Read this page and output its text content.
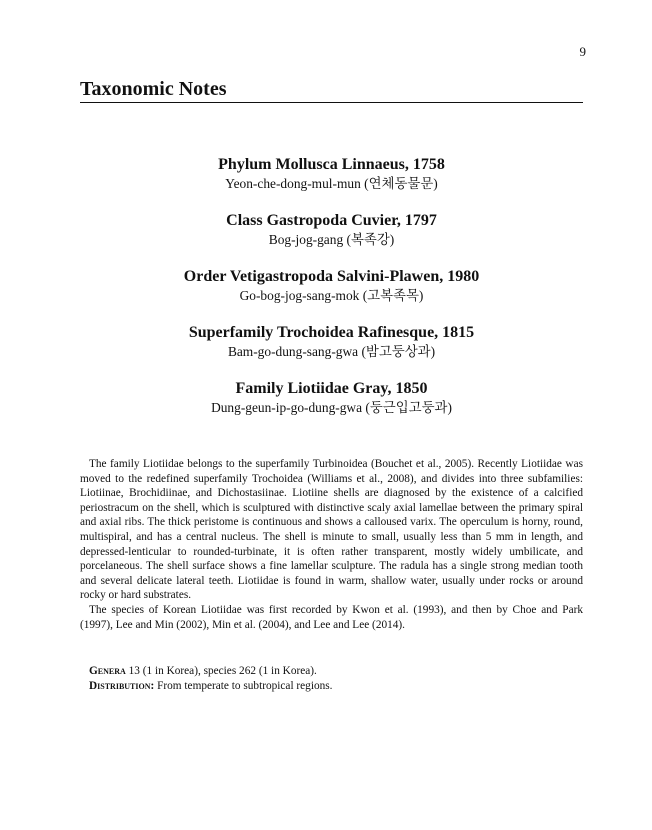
9
Taxonomic Notes
Phylum Mollusca Linnaeus, 1758
Yeon-che-dong-mul-mun (연체동물문)
Class Gastropoda Cuvier, 1797
Bog-jog-gang (복족강)
Order Vetigastropoda Salvini-Plawen, 1980
Go-bog-jog-sang-mok (고복족목)
Superfamily Trochoidea Rafinesque, 1815
Bam-go-dung-sang-gwa (밤고둥상과)
Family Liotiidae Gray, 1850
Dung-geun-ip-go-dung-gwa (둥근입고둥과)

The family Liotiidae belongs to the superfamily Turbinoidea (Bouchet et al., 2005). Recently Liotiidae was moved to the redefined superfamily Trochoidea (Williams et al., 2008), and divides into three subfamilies: Liotiinae, Brochidiinae, and Dichostasiinae. Liotiine shells are diagnosed by the existence of a calcified periostracum on the shell, which is sculptured with distinctive scaly axial lamellae between the primary spiral and axial ribs. The thick peristome is continuous and shows a calloused varix. The operculum is horny, round, multispiral, and has a central nucleus. The shell is minute to small, usually less than 5 mm in length, and depressed-lenticular to rounded-turbinate, it is often rather transparent, mostly widely umbilicate, and porcelaneous. The shell surface shows a fine lamellar sculpture. The radula has a single strong median tooth and several delicate lateral teeth. Liotiidae is found in warm, shallow water, usually under rocks or around rocky or hard substrates.

The species of Korean Liotiidae was first recorded by Kwon et al. (1993), and then by Choe and Park (1997), Lee and Min (2002), Min et al. (2004), and Lee and Lee (2014).

Genera 13 (1 in Korea), species 262 (1 in Korea).
Distribution: From temperate to subtropical regions.
